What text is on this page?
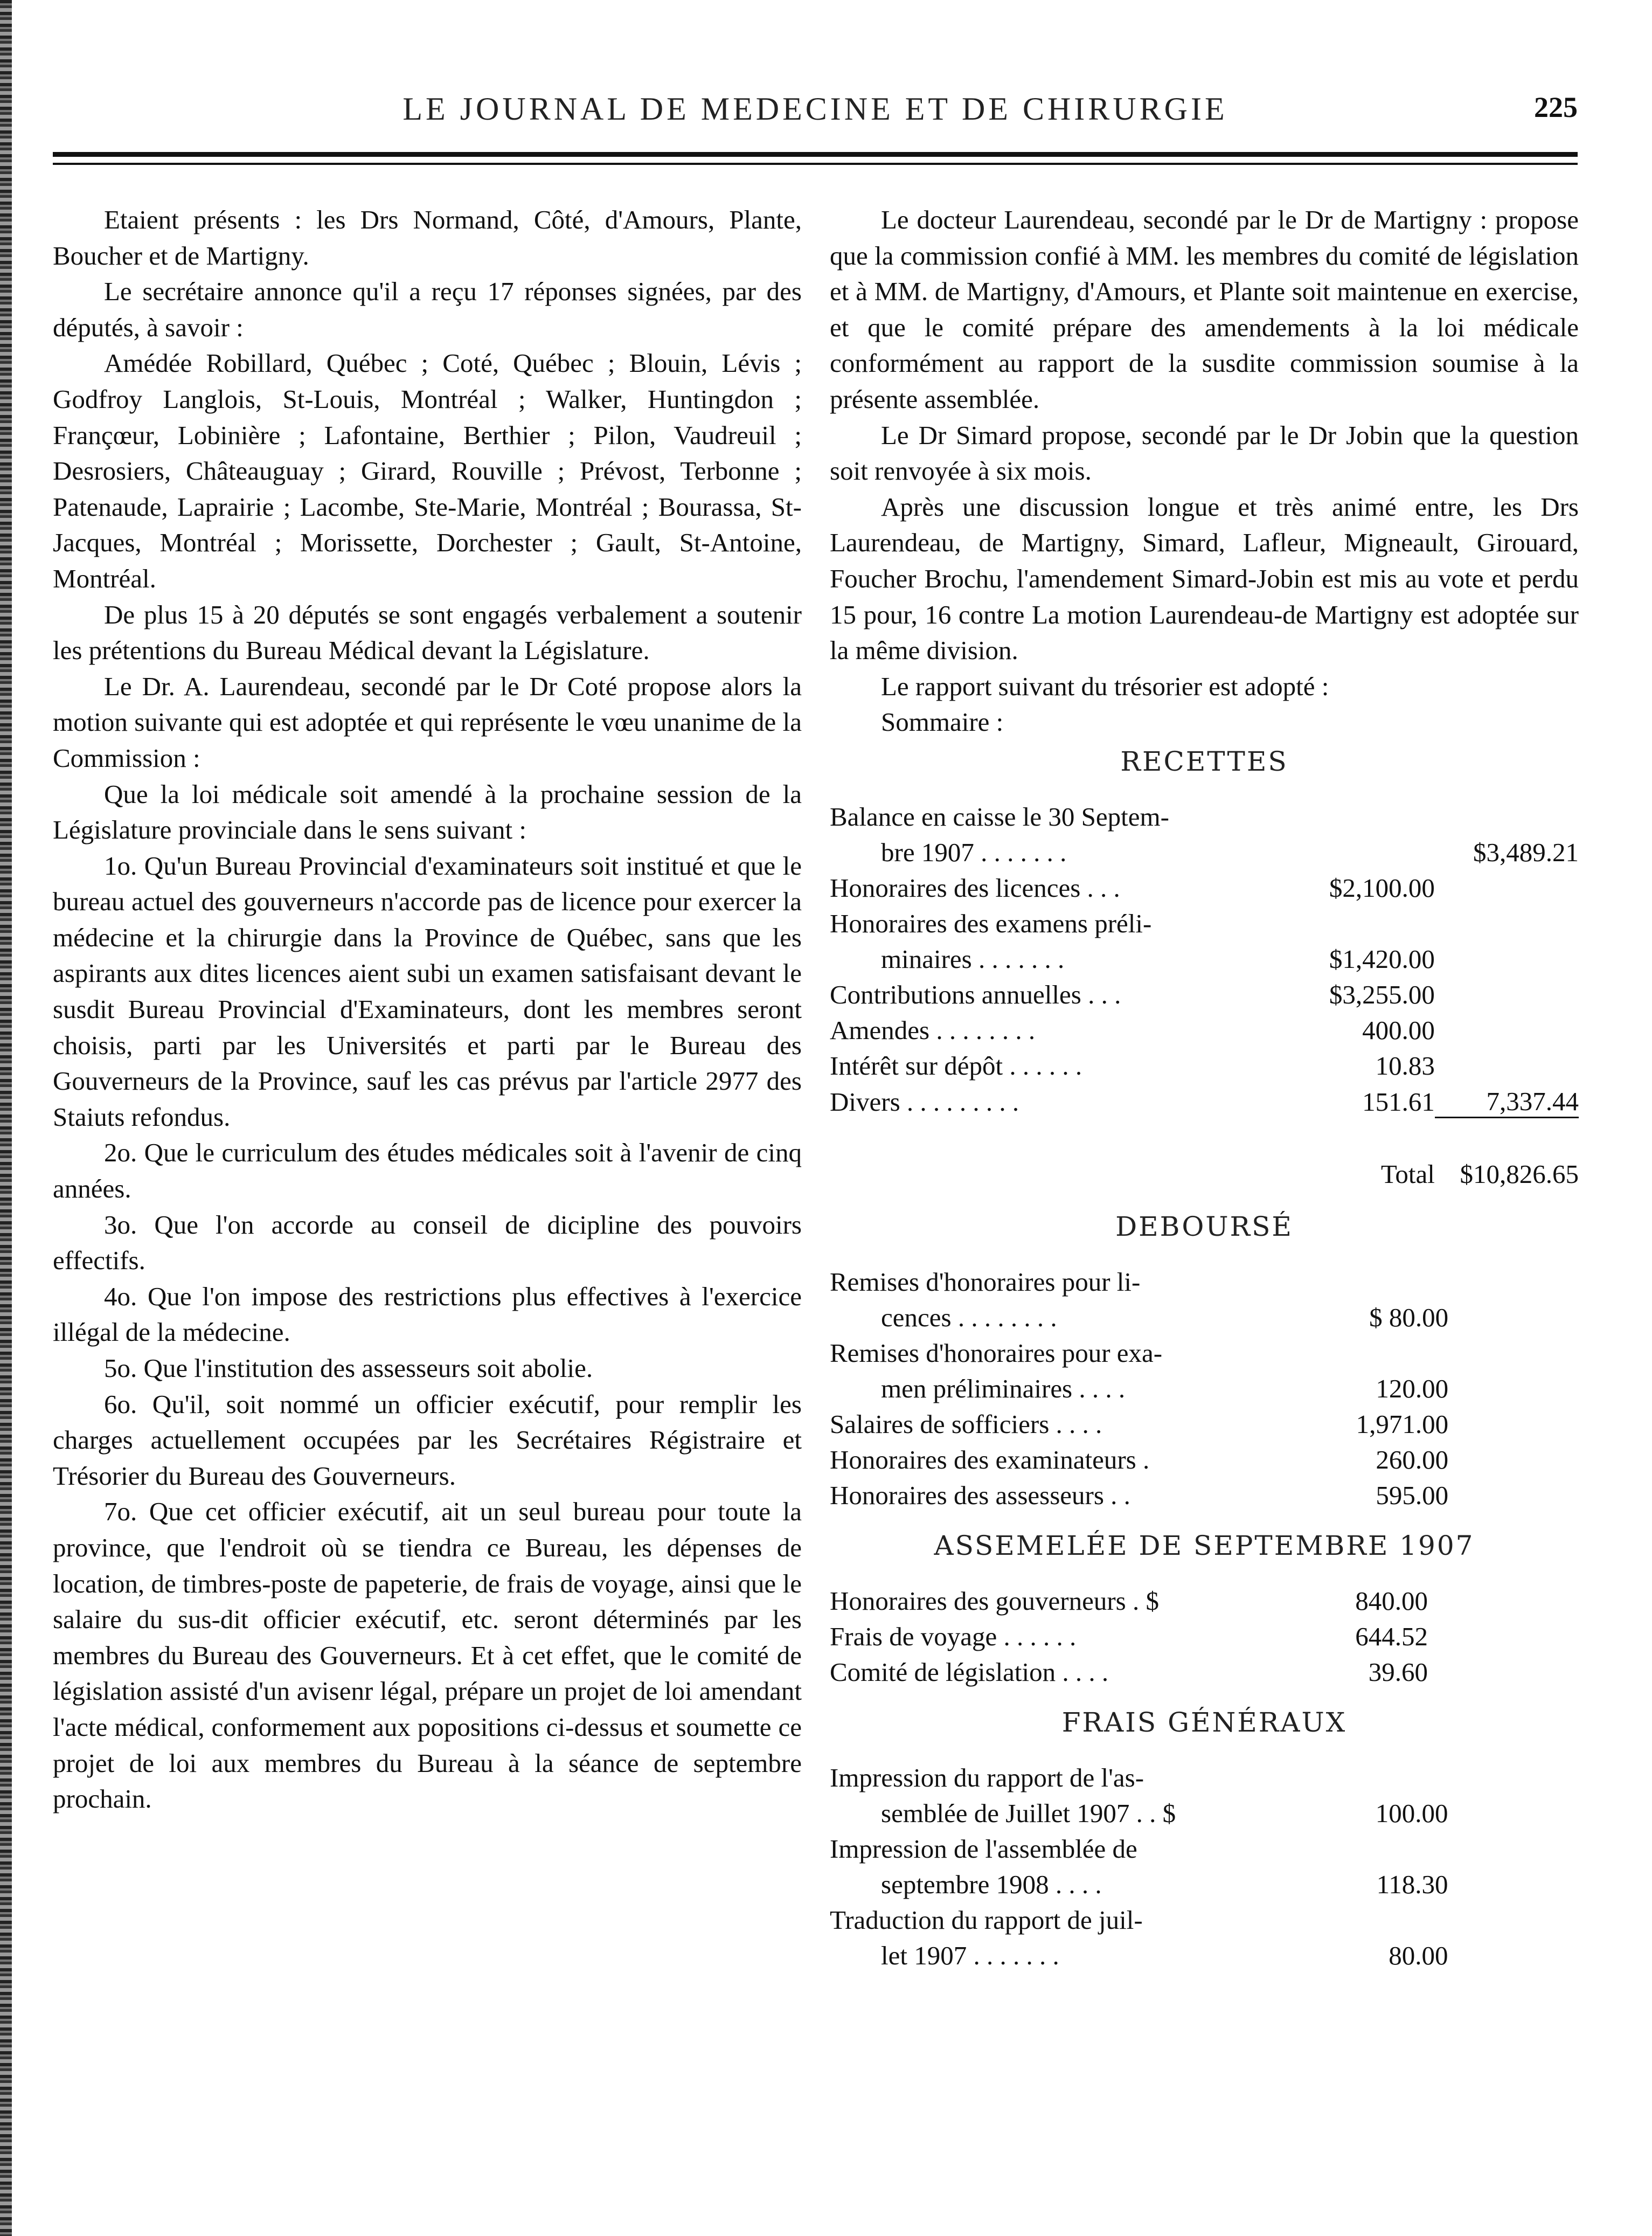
LE JOURNAL DE MEDECINE ET DE CHIRURGIE	225

Etaient présents : les Drs Normand, Côté, d'Amours, Plante, Boucher et de Martigny.

Le secrétaire annonce qu'il a reçu 17 réponses signées, par des députés, à savoir :

Amédée Robillard, Québec ; Coté, Québec ; Blouin, Lévis ; Godfroy Langlois, St-Louis, Montréal ; Walker, Huntingdon ; Françœur, Lobinière ; Lafontaine, Berthier ; Pilon, Vaudreuil ; Desrosiers, Châteauguay ; Girard, Rouville ; Prévost, Terbonne ; Patenaude, Laprairie ; Lacombe, Ste-Marie, Montréal ; Bourassa, St-Jacques, Montréal ; Morissette, Dorchester ; Gault, St-Antoine, Montréal.

De plus 15 à 20 députés se sont engagés verbalement a soutenir les prétentions du Bureau Médical devant la Législature.

Le Dr. A. Laurendeau, secondé par le Dr Coté propose alors la motion suivante qui est adoptée et qui représente le vœu unanime de la Commission :

Que la loi médicale soit amendé à la prochaine session de la Législature provinciale dans le sens suivant :

1o. Qu'un Bureau Provincial d'examinateurs soit institué et que le bureau actuel des gouverneurs n'accorde pas de licence pour exercer la médecine et la chirurgie dans la Province de Québec, sans que les aspirants aux dites licences aient subi un examen satisfaisant devant le susdit Bureau Provincial d'Examinateurs, dont les membres seront choisis, parti par les Universités et parti par le Bureau des Gouverneurs de la Province, sauf les cas prévus par l'article 2977 des Staiuts refondus.

2o. Que le curriculum des études médicales soit à l'avenir de cinq années.

3o. Que l'on accorde au conseil de dicipline des pouvoirs effectifs.

4o. Que l'on impose des restrictions plus effectives à l'exercice illégal de la médecine.

5o. Que l'institution des assesseurs soit abolie.

6o. Qu'il, soit nommé un officier exécutif, pour remplir les charges actuellement occupées par les Secrétaires Régistraire et Trésorier du Bureau des Gouverneurs.

7o. Que cet officier exécutif, ait un seul bureau pour toute la province, que l'endroit où se tiendra ce Bureau, les dépenses de location, de timbres-poste de papeterie, de frais de voyage, ainsi que le salaire du sus-dit officier exécutif, etc. seront déterminés par les membres du Bureau des Gouverneurs. Et à cet effet, que le comité de législation assisté d'un avisenr légal, prépare un projet de loi amendant l'acte médical, conformement aux popositions ci-dessus et soumette ce projet de loi aux membres du Bureau à la séance de septembre prochain.

Le docteur Laurendeau, secondé par le Dr de Martigny : propose que la commission confié à MM. les membres du comité de législation et à MM. de Martigny, d'Amours, et Plante soit maintenue en exercise, et que le comité prépare des amendements à la loi médicale conformément au rapport de la susdite commission soumise à la présente assemblée.

Le Dr Simard propose, secondé par le Dr Jobin que la question soit renvoyée à six mois.

Après une discussion longue et très animé entre, les Drs Laurendeau, de Martigny, Simard, Lafleur, Migneault, Girouard, Foucher Brochu, l'amendement Simard-Jobin est mis au vote et perdu 15 pour, 16 contre La motion Laurendeau-de Martigny est adoptée sur la même division.

Le rapport suivant du trésorier est adopté :

Sommaire :

RECETTES
Balance en caisse le 30 Septem-		
bre 1907 . . . . . . .		$3,489.21
Honoraires des licences . . .	$2,100.00	
Honoraires des examens préli-		
minaires . . . . . . .	$1,420.00	
Contributions annuelles . . .	$3,255.00	
Amendes . . . . . . . .	400.00	
Intérêt sur dépôt . . . . . .	10.83	
Divers . . . . . . . . .	151.61	7,337.44

	Total	$10,826.65
DEBOURSÉ
Remises d'honoraires pour li-		
cences . . . . . . . .	$ 80.00	
Remises d'honoraires pour exa-		
men préliminaires . . . .	120.00	
Salaires de sofficiers . . . .	1,971.00	
Honoraires des examinateurs .	260.00	
Honoraires des assesseurs . .	595.00	
ASSEMELÉE DE SEPTEMBRE 1907
Honoraires des gouverneurs . $	840.00	
Frais de voyage . . . . . .	644.52	
Comité de législation . . . .	39.60	
FRAIS GÉNÉRAUX
Impression du rapport de l'as-		
semblée de Juillet 1907 . . $	100.00	
Impression de l'assemblée de		
septembre 1908 . . . .	118.30	
Traduction du rapport de juil-		
let 1907 . . . . . . .	80.00	
